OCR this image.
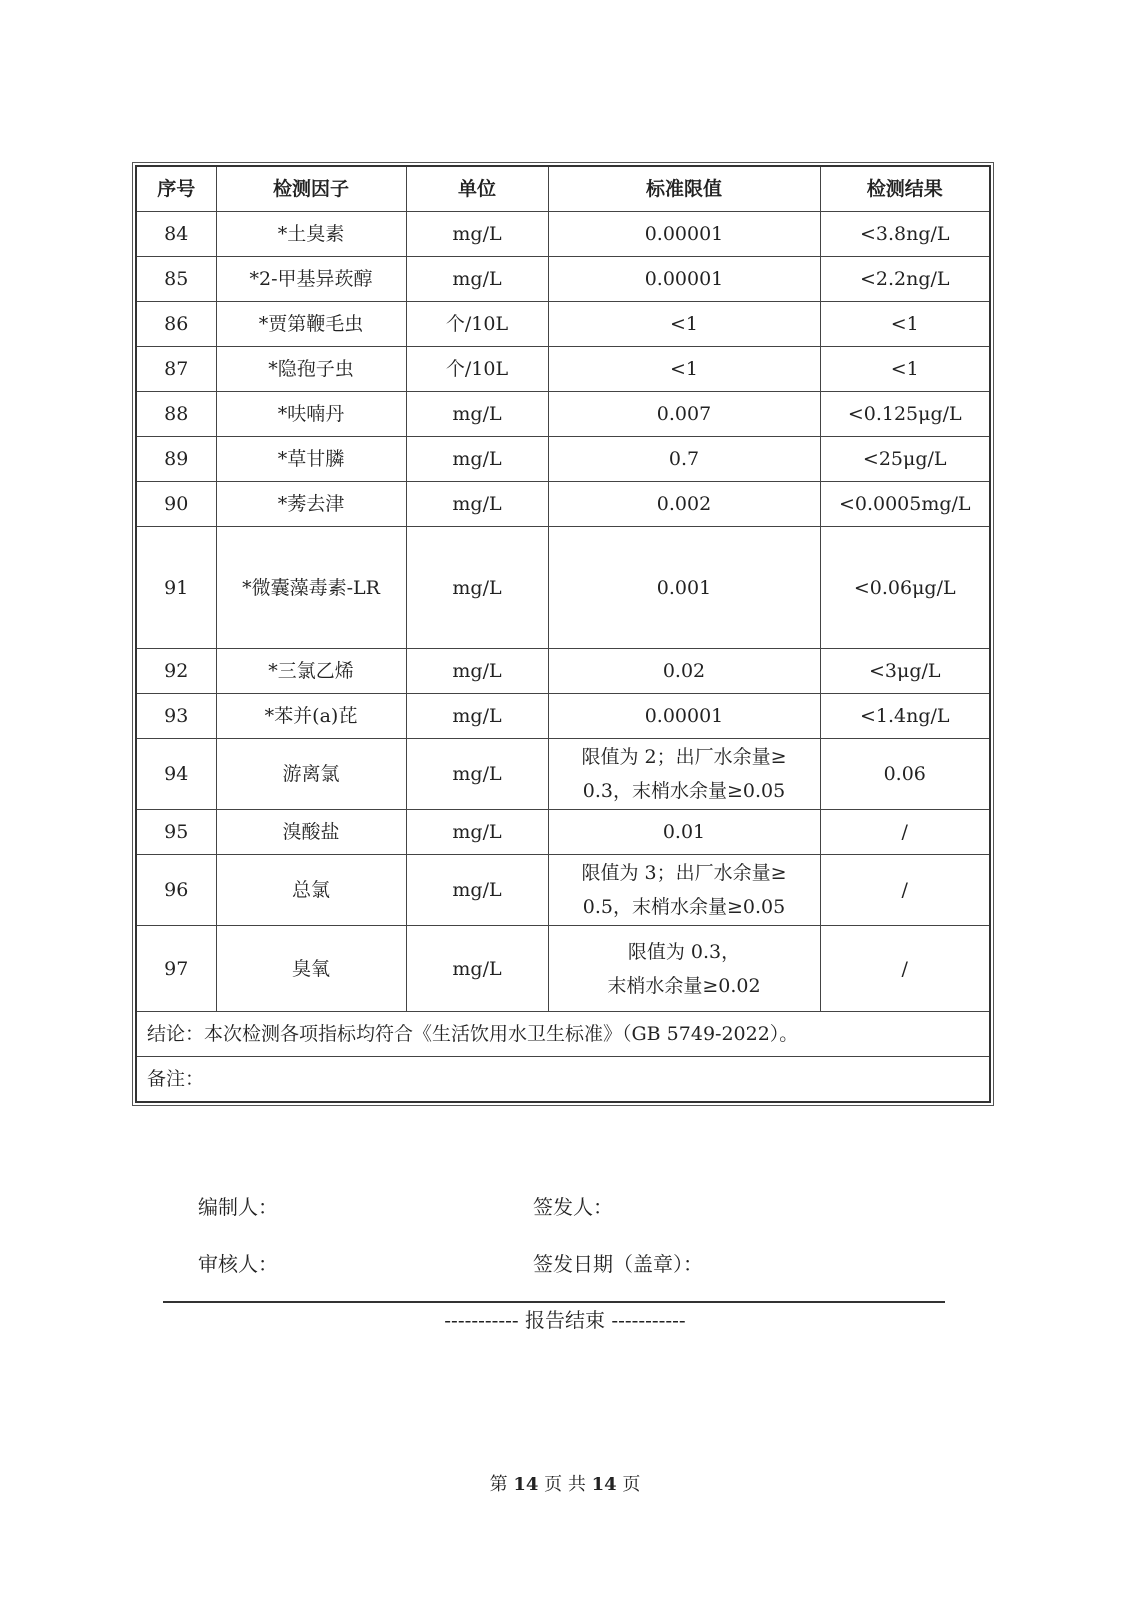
序号	检测因子	单位	标准限值	检测结果
84	*土臭素	mg/L	0.00001	<3.8ng/L
85	*2-甲基异莰醇	mg/L	0.00001	<2.2ng/L
86	*贾第鞭毛虫	个/10L	<1	<1
87	*隐孢子虫	个/10L	<1	<1
88	*呋喃丹	mg/L	0.007	<0.125μg/L
89	*草甘膦	mg/L	0.7	<25μg/L
90	*莠去津	mg/L	0.002	<0.0005mg/L
91	*微囊藻毒素-LR	mg/L	0.001	<0.06μg/L
92	*三氯乙烯	mg/L	0.02	<3μg/L
93	*苯并(a)芘	mg/L	0.00001	<1.4ng/L
94	游离氯	mg/L	限值为 2；出厂水余量≥
0.3，末梢水余量≥0.05	0.06
95	溴酸盐	mg/L	0.01	/
96	总氯	mg/L	限值为 3；出厂水余量≥
0.5，末梢水余量≥0.05	/
97	臭氧	mg/L	限值为 0.3，
末梢水余量≥0.02	/
结论：本次检测各项指标均符合《生活饮用水卫生标准》（GB 5749-2022）。				
备注：				
编制人：	签发人：
审核人：	签发日期（盖章）：
----------- 报告结束 -----------
第 14 页 共 14 页
